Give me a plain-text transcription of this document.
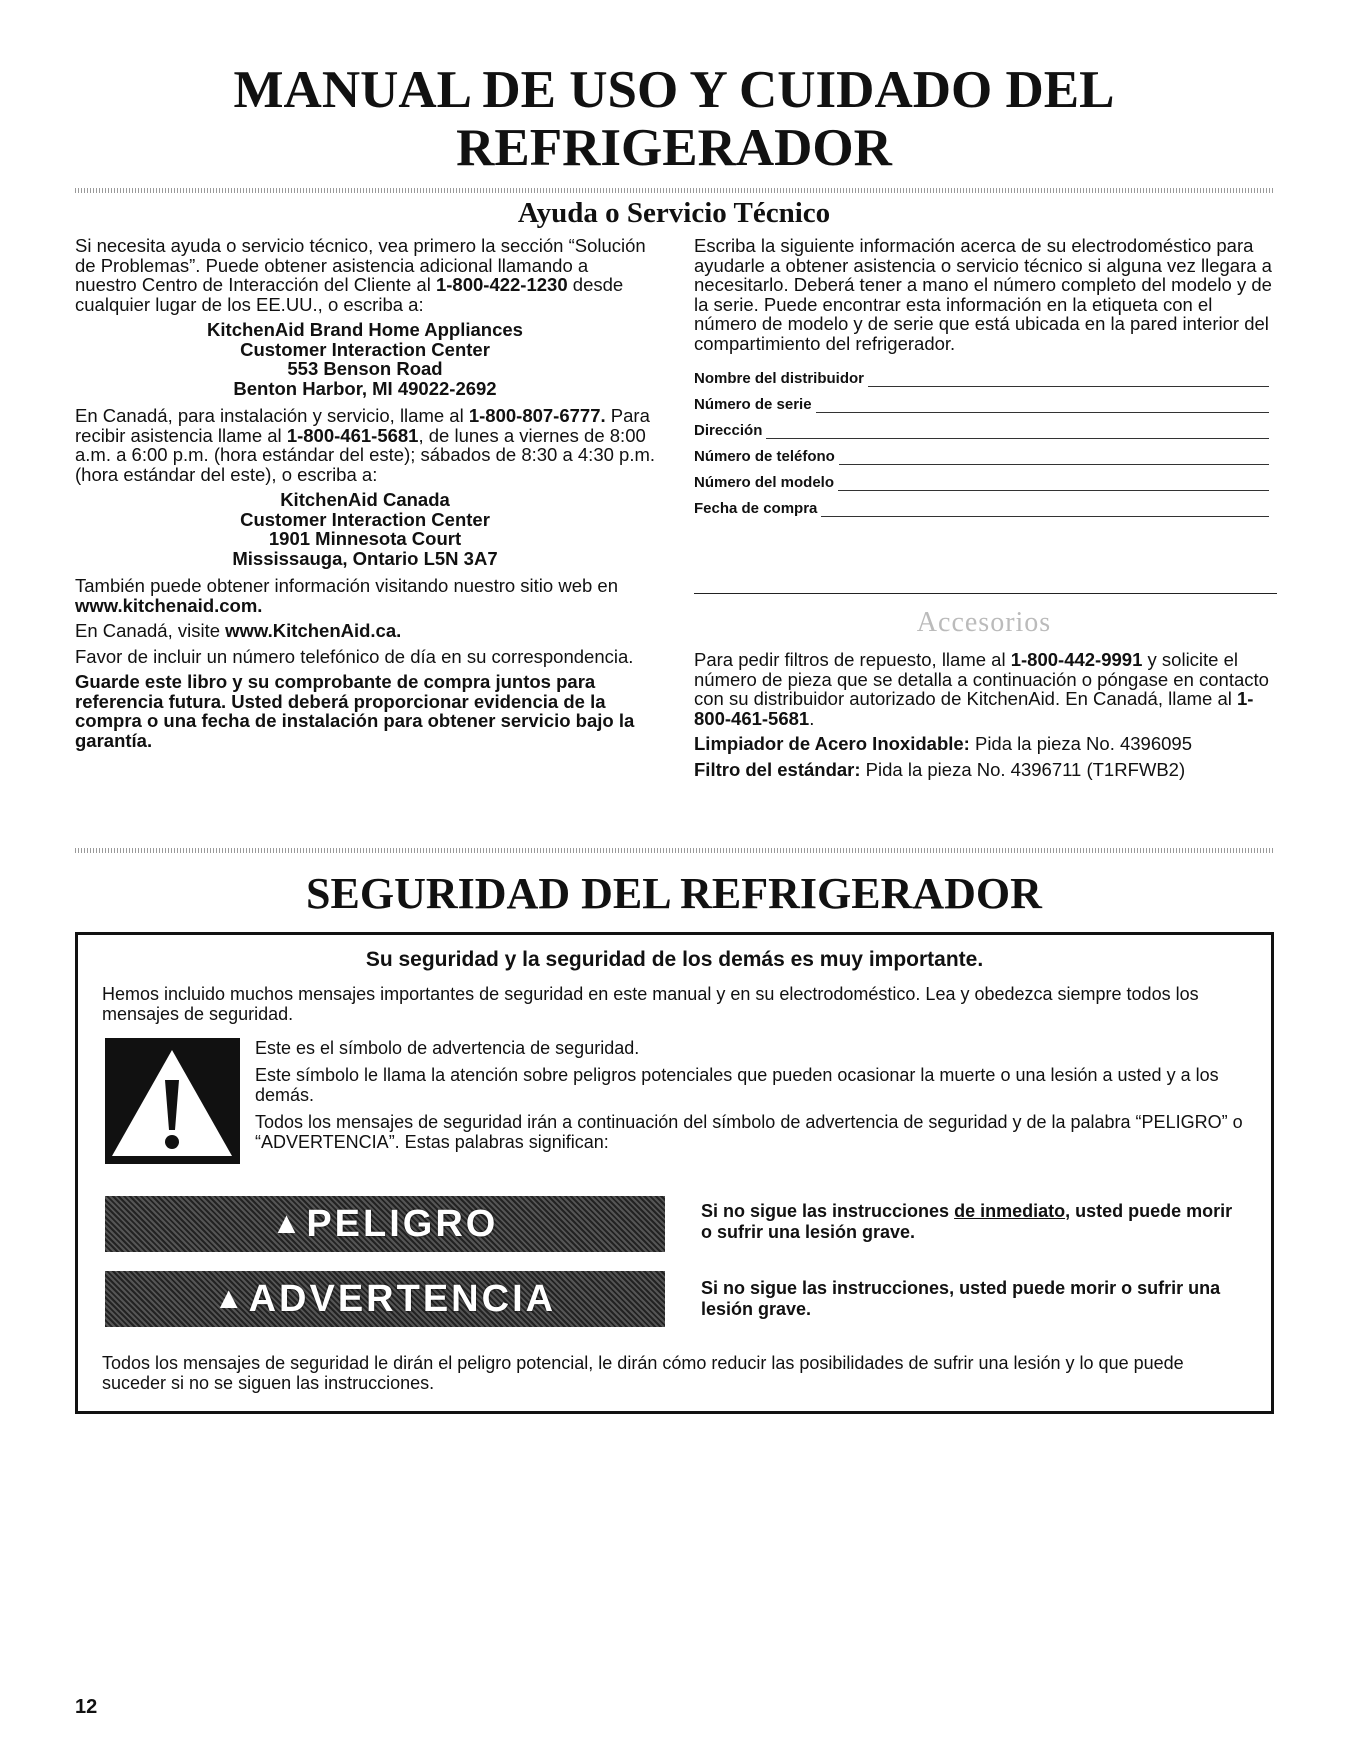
MANUAL DE USO Y CUIDADO DEL
REFRIGERADOR
Ayuda o Servicio Técnico

Si necesita ayuda o servicio técnico, vea primero la sección “Solución de Problemas”. Puede obtener asistencia adicional llamando a nuestro Centro de Interacción del Cliente al 1-800-422-1230 desde cualquier lugar de los EE.UU., o escriba a:

KitchenAid Brand Home Appliances
Customer Interaction Center
553 Benson Road
Benton Harbor, MI 49022-2692

En Canadá, para instalación y servicio, llame al 1-800-807-6777. Para recibir asistencia llame al 1-800-461-5681, de lunes a viernes de 8:00 a.m. a 6:00 p.m. (hora estándar del este); sábados de 8:30 a 4:30 p.m. (hora estándar del este), o escriba a:

KitchenAid Canada
Customer Interaction Center
1901 Minnesota Court
Mississauga, Ontario L5N 3A7

También puede obtener información visitando nuestro sitio web en www.kitchenaid.com.

En Canadá, visite www.KitchenAid.ca.

Favor de incluir un número telefónico de día en su correspondencia.

Guarde este libro y su comprobante de compra juntos para referencia futura. Usted deberá proporcionar evidencia de la compra o una fecha de instalación para obtener servicio bajo la garantía.

Escriba la siguiente información acerca de su electrodoméstico para ayudarle a obtener asistencia o servicio técnico si alguna vez llegara a necesitarlo. Deberá tener a mano el número completo del modelo y de la serie. Puede encontrar esta información en la etiqueta con el número de modelo y de serie que está ubicada en la pared interior del compartimiento del refrigerador.

Nombre del distribuidor
Número de serie
Dirección
Número de teléfono
Número del modelo
Fecha de compra
Accesorios

Para pedir filtros de repuesto, llame al 1-800-442-9991 y solicite el número de pieza que se detalla a continuación o póngase en contacto con su distribuidor autorizado de KitchenAid. En Canadá, llame al 1-800-461-5681.

Limpiador de Acero Inoxidable: Pida la pieza No. 4396095

Filtro del estándar: Pida la pieza No. 4396711 (T1RFWB2)

SEGURIDAD DEL REFRIGERADOR
Su seguridad y la seguridad de los demás es muy importante.
Hemos incluido muchos mensajes importantes de seguridad en este manual y en su electrodoméstico. Lea y obedezca siempre todos los mensajes de seguridad.

Este es el símbolo de advertencia de seguridad.

Este símbolo le llama la atención sobre peligros potenciales que pueden ocasionar la muerte o una lesión a usted y a los demás.

Todos los mensajes de seguridad irán a continuación del símbolo de advertencia de seguridad y de la palabra “PELIGRO” o “ADVERTENCIA”. Estas palabras significan:

▲ PELIGRO	Si no sigue las instrucciones de inmediato, usted puede morir o sufrir una lesión grave.
▲ ADVERTENCIA	Si no sigue las instrucciones, usted puede morir o sufrir una lesión grave.
Todos los mensajes de seguridad le dirán el peligro potencial, le dirán cómo reducir las posibilidades de sufrir una lesión y lo que puede suceder si no se siguen las instrucciones.
12
